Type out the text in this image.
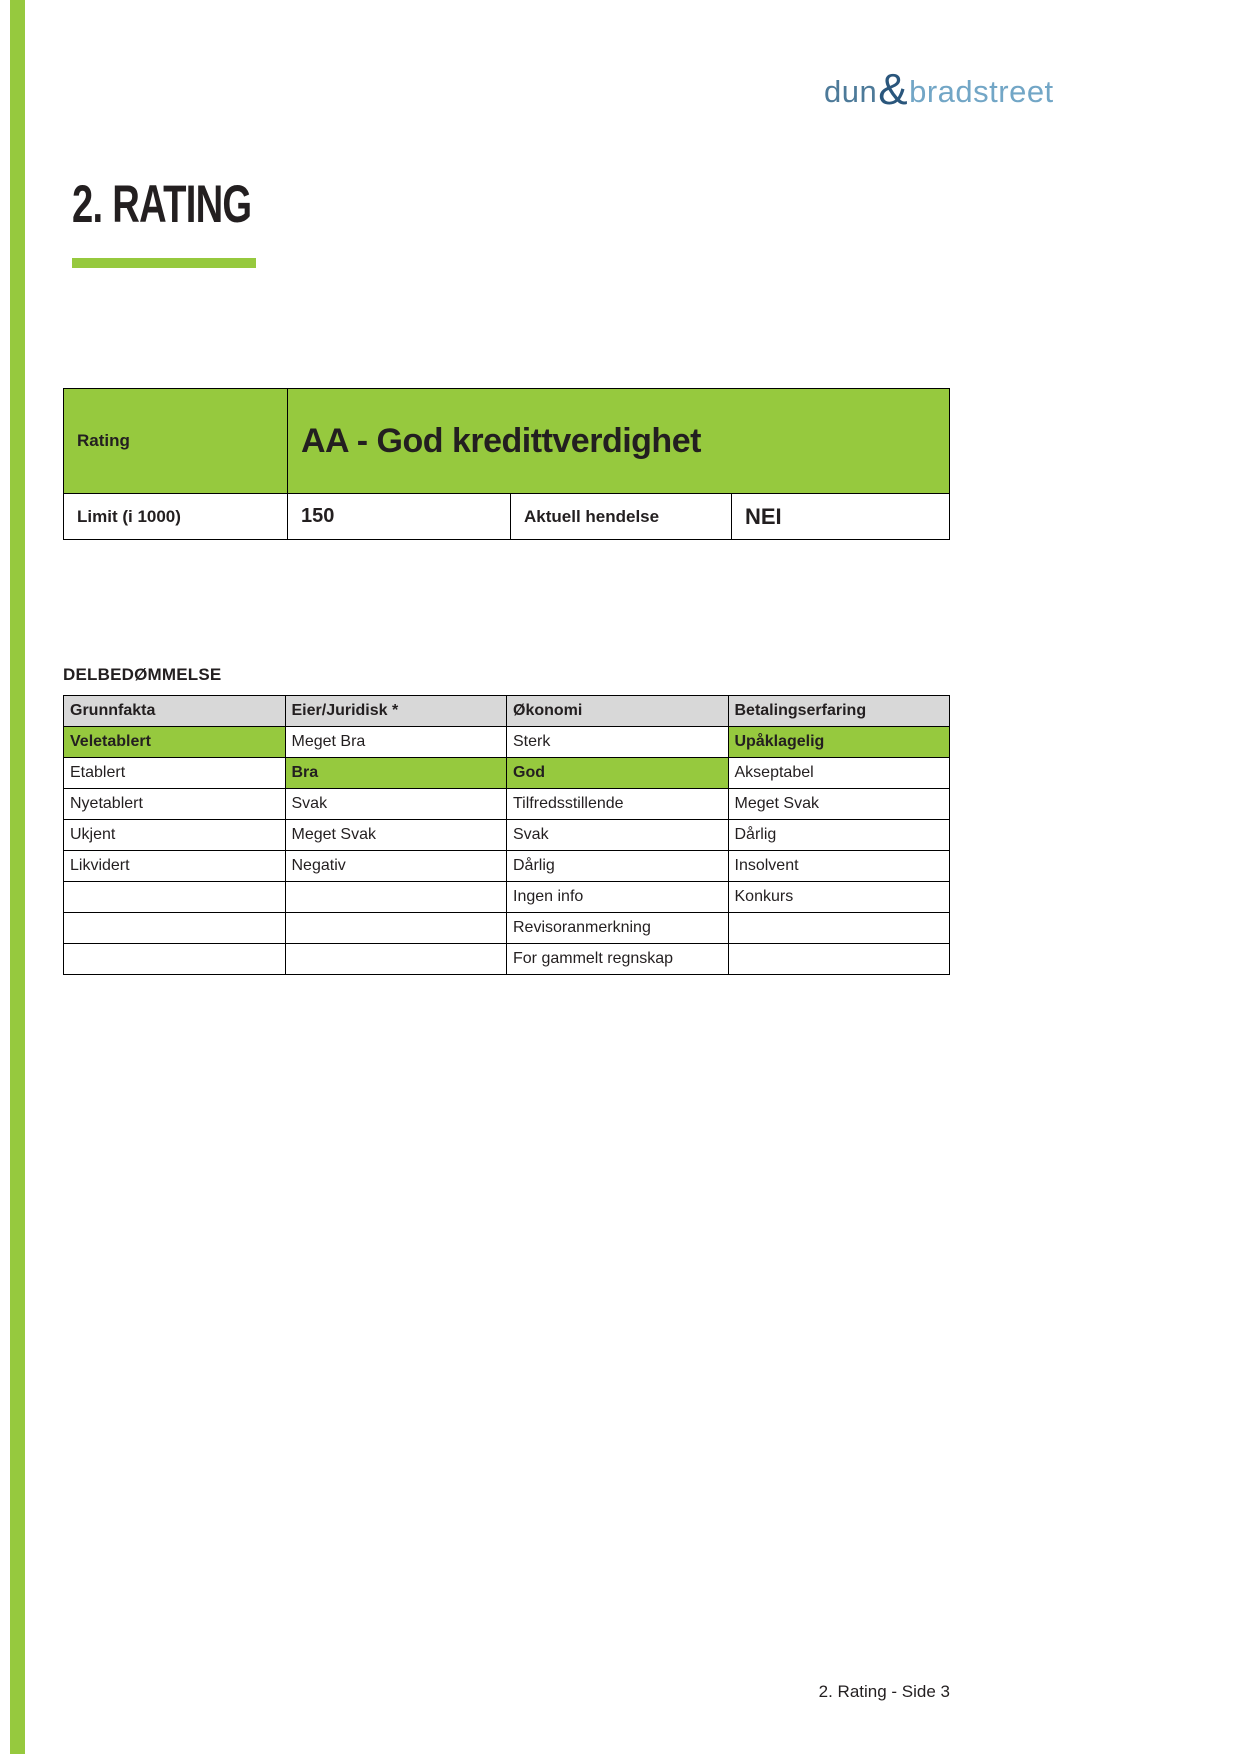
dun & bradstreet
2. RATING
Rating	AA - God kredittverdighet
Limit (i 1000)	150	Aktuell hendelse	NEI
DELBEDØMMELSE
Grunnfakta	Eier/Juridisk *	Økonomi	Betalingserfaring
Veletablert	Meget Bra	Sterk	Upåklagelig
Etablert	Bra	God	Akseptabel
Nyetablert	Svak	Tilfredsstillende	Meget Svak
Ukjent	Meget Svak	Svak	Dårlig
Likvidert	Negativ	Dårlig	Insolvent
		Ingen info	Konkurs
		Revisoranmerkning	
		For gammelt regnskap	
2. Rating - Side 3
